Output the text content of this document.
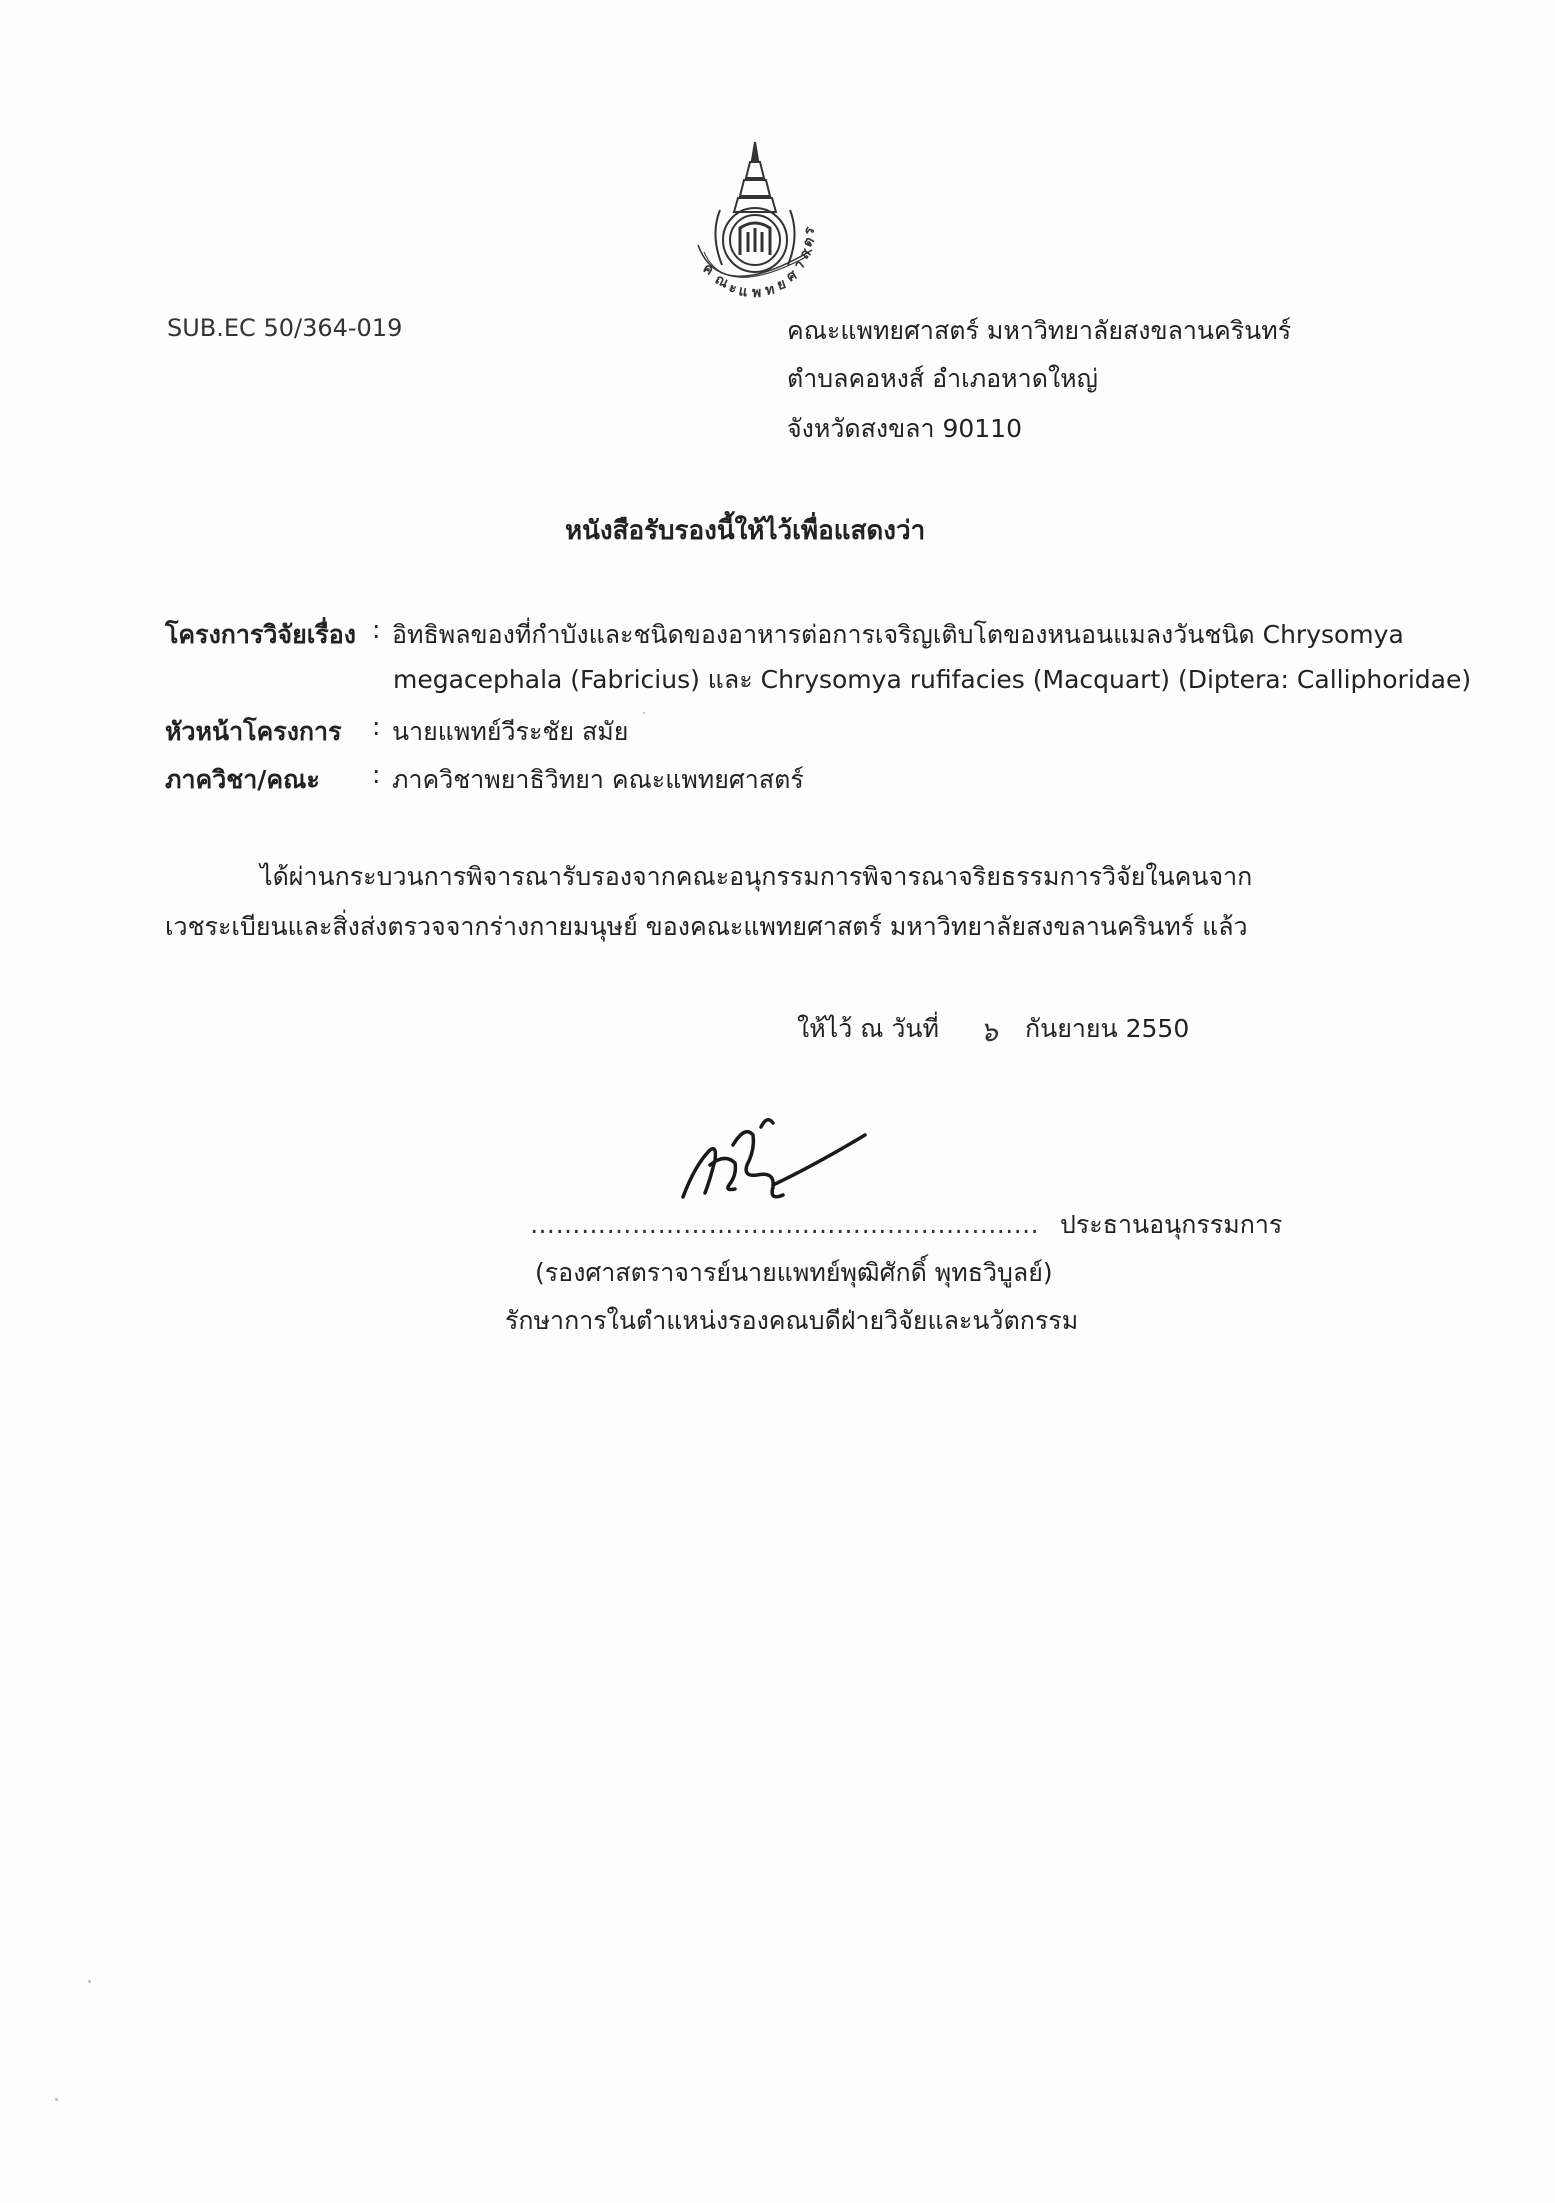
ค
ณ
ะ
แ พ ท ย
ศ
า
ส
ต
ร
SUB.EC 50/364-019	คณะแพทยศาสตร์ มหาวิทยาลัยสงขลานครินทร์
ตำบลคอหงส์ อำเภอหาดใหญ่
จังหวัดสงขลา 90110
หนังสือรับรองนี้ให้ไว้เพื่อแสดงว่า
โครงการวิจัยเรื่อง : อิทธิพลของที่กำบังและชนิดของอาหารต่อการเจริญเติบโตของหนอนแมลงวันชนิด Chrysomya
megacephala (Fabricius) และ Chrysomya rufifacies (Macquart) (Diptera: Calliphoridae)
หัวหน้าโครงการ : นายแพทย์วีระชัย สมัย
ภาควิชา/คณะ : ภาควิชาพยาธิวิทยา คณะแพทยศาสตร์
ได้ผ่านกระบวนการพิจารณารับรองจากคณะอนุกรรมการพิจารณาจริยธรรมการวิจัยในคนจาก
เวชระเบียนและสิ่งส่งตรวจจากร่างกายมนุษย์ ของคณะแพทยศาสตร์ มหาวิทยาลัยสงขลานครินทร์ แล้ว
ให้ไว้ ณ วันที่ ๖ กันยายน 2550
…………………………………….................. ประธานอนุกรรมการ
(รองศาสตราจารย์นายแพทย์พุฒิศักดิ์ พุทธวิบูลย์)
รักษาการในตำแหน่งรองคณบดีฝ่ายวิจัยและนวัตกรรม
